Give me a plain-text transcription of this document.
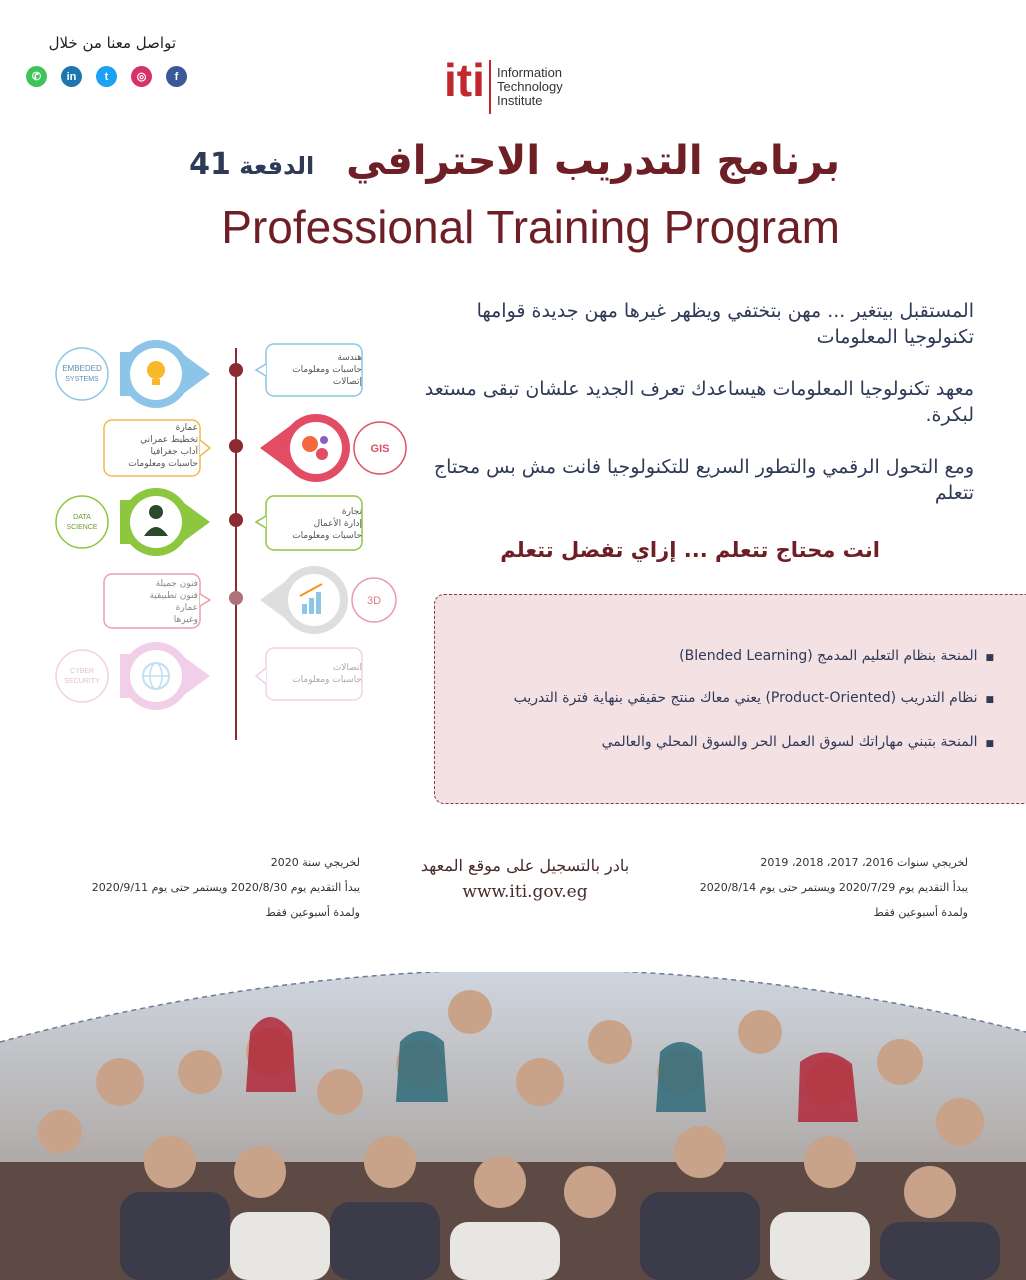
تواصل معنا من خلال
✆	in	t	◎	f	iti Information
Technology
Institute
برنامج التدريب الاحترافي الدفعة 41
Professional Training Program
المستقبل بيتغير ... مهن بتختفي ويظهر غيرها مهن جديدة قوامها تكنولوجيا المعلومات
معهد تكنولوجيا المعلومات هيساعدك تعرف الجديد علشان تبقى مستعد لبكرة.
ومع التحول الرقمي والتطور السريع للتكنولوجيا فانت مش بس محتاج تتعلم
انت محتاج تتعلم ... إزاي تفضل تتعلم
■ المنحة بنظام التعليم المدمج (Blended Learning)
■ نظام التدريب (Product-Oriented) يعني معاك منتج حقيقي بنهاية فترة التدريب
■ المنحة بتبني مهاراتك لسوق العمل الحر والسوق المحلي والعالمي
EMBEDED
SYSTEMS
GIS
DATA
SCIENCE
3D
CYBER
SECURITY
هندسة
حاسبات ومعلومات
إتصالات
عمارة
تخطيط عمراني
آداب جغرافيا
حاسبات ومعلومات
تجارة
إدارة الأعمال
حاسبات ومعلومات
فنون جميلة
فنون تطبيقية
عمارة
وغيرها
اتصالات
حاسبات ومعلومات
لخريجي سنة 2020
يبدأ التقديم يوم 2020/8/30 ويستمر حتى يوم 2020/9/11
ولمدة أسبوعين فقط
بادر بالتسجيل على موقع المعهد
www.iti.gov.eg
لخريجي سنوات 2016، 2017، 2018، 2019
يبدأ التقديم يوم 2020/7/29 ويستمر حتى يوم 2020/8/14
ولمدة أسبوعين فقط
